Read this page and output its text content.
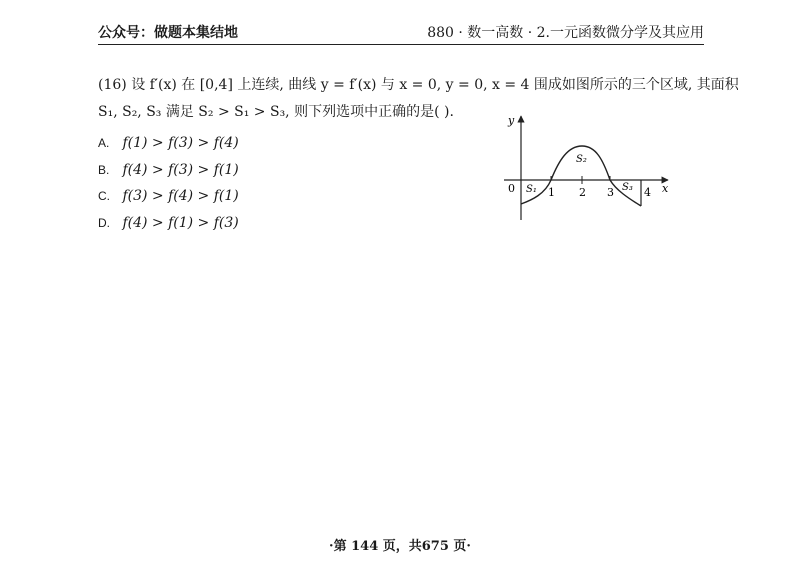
公众号：做题本集结地	880 · 数一高数 · 2.一元函数微分学及其应用
(16) 设 f′(x) 在 [0,4] 上连续, 曲线 y = f′(x) 与 x = 0, y = 0, x = 4 围成如图所示的三个区域, 其面积
S₁, S₂, S₃ 满足 S₂ > S₁ > S₃, 则下列选项中正确的是( ).
A. f(1) > f(3) > f(4)
B. f(4) > f(3) > f(1)
C. f(3) > f(4) > f(1)
D. f(4) > f(1) > f(3)
y
x
0	1 2 3	4
S₁
S₂
S₃
·第 144 页，共675 页·
